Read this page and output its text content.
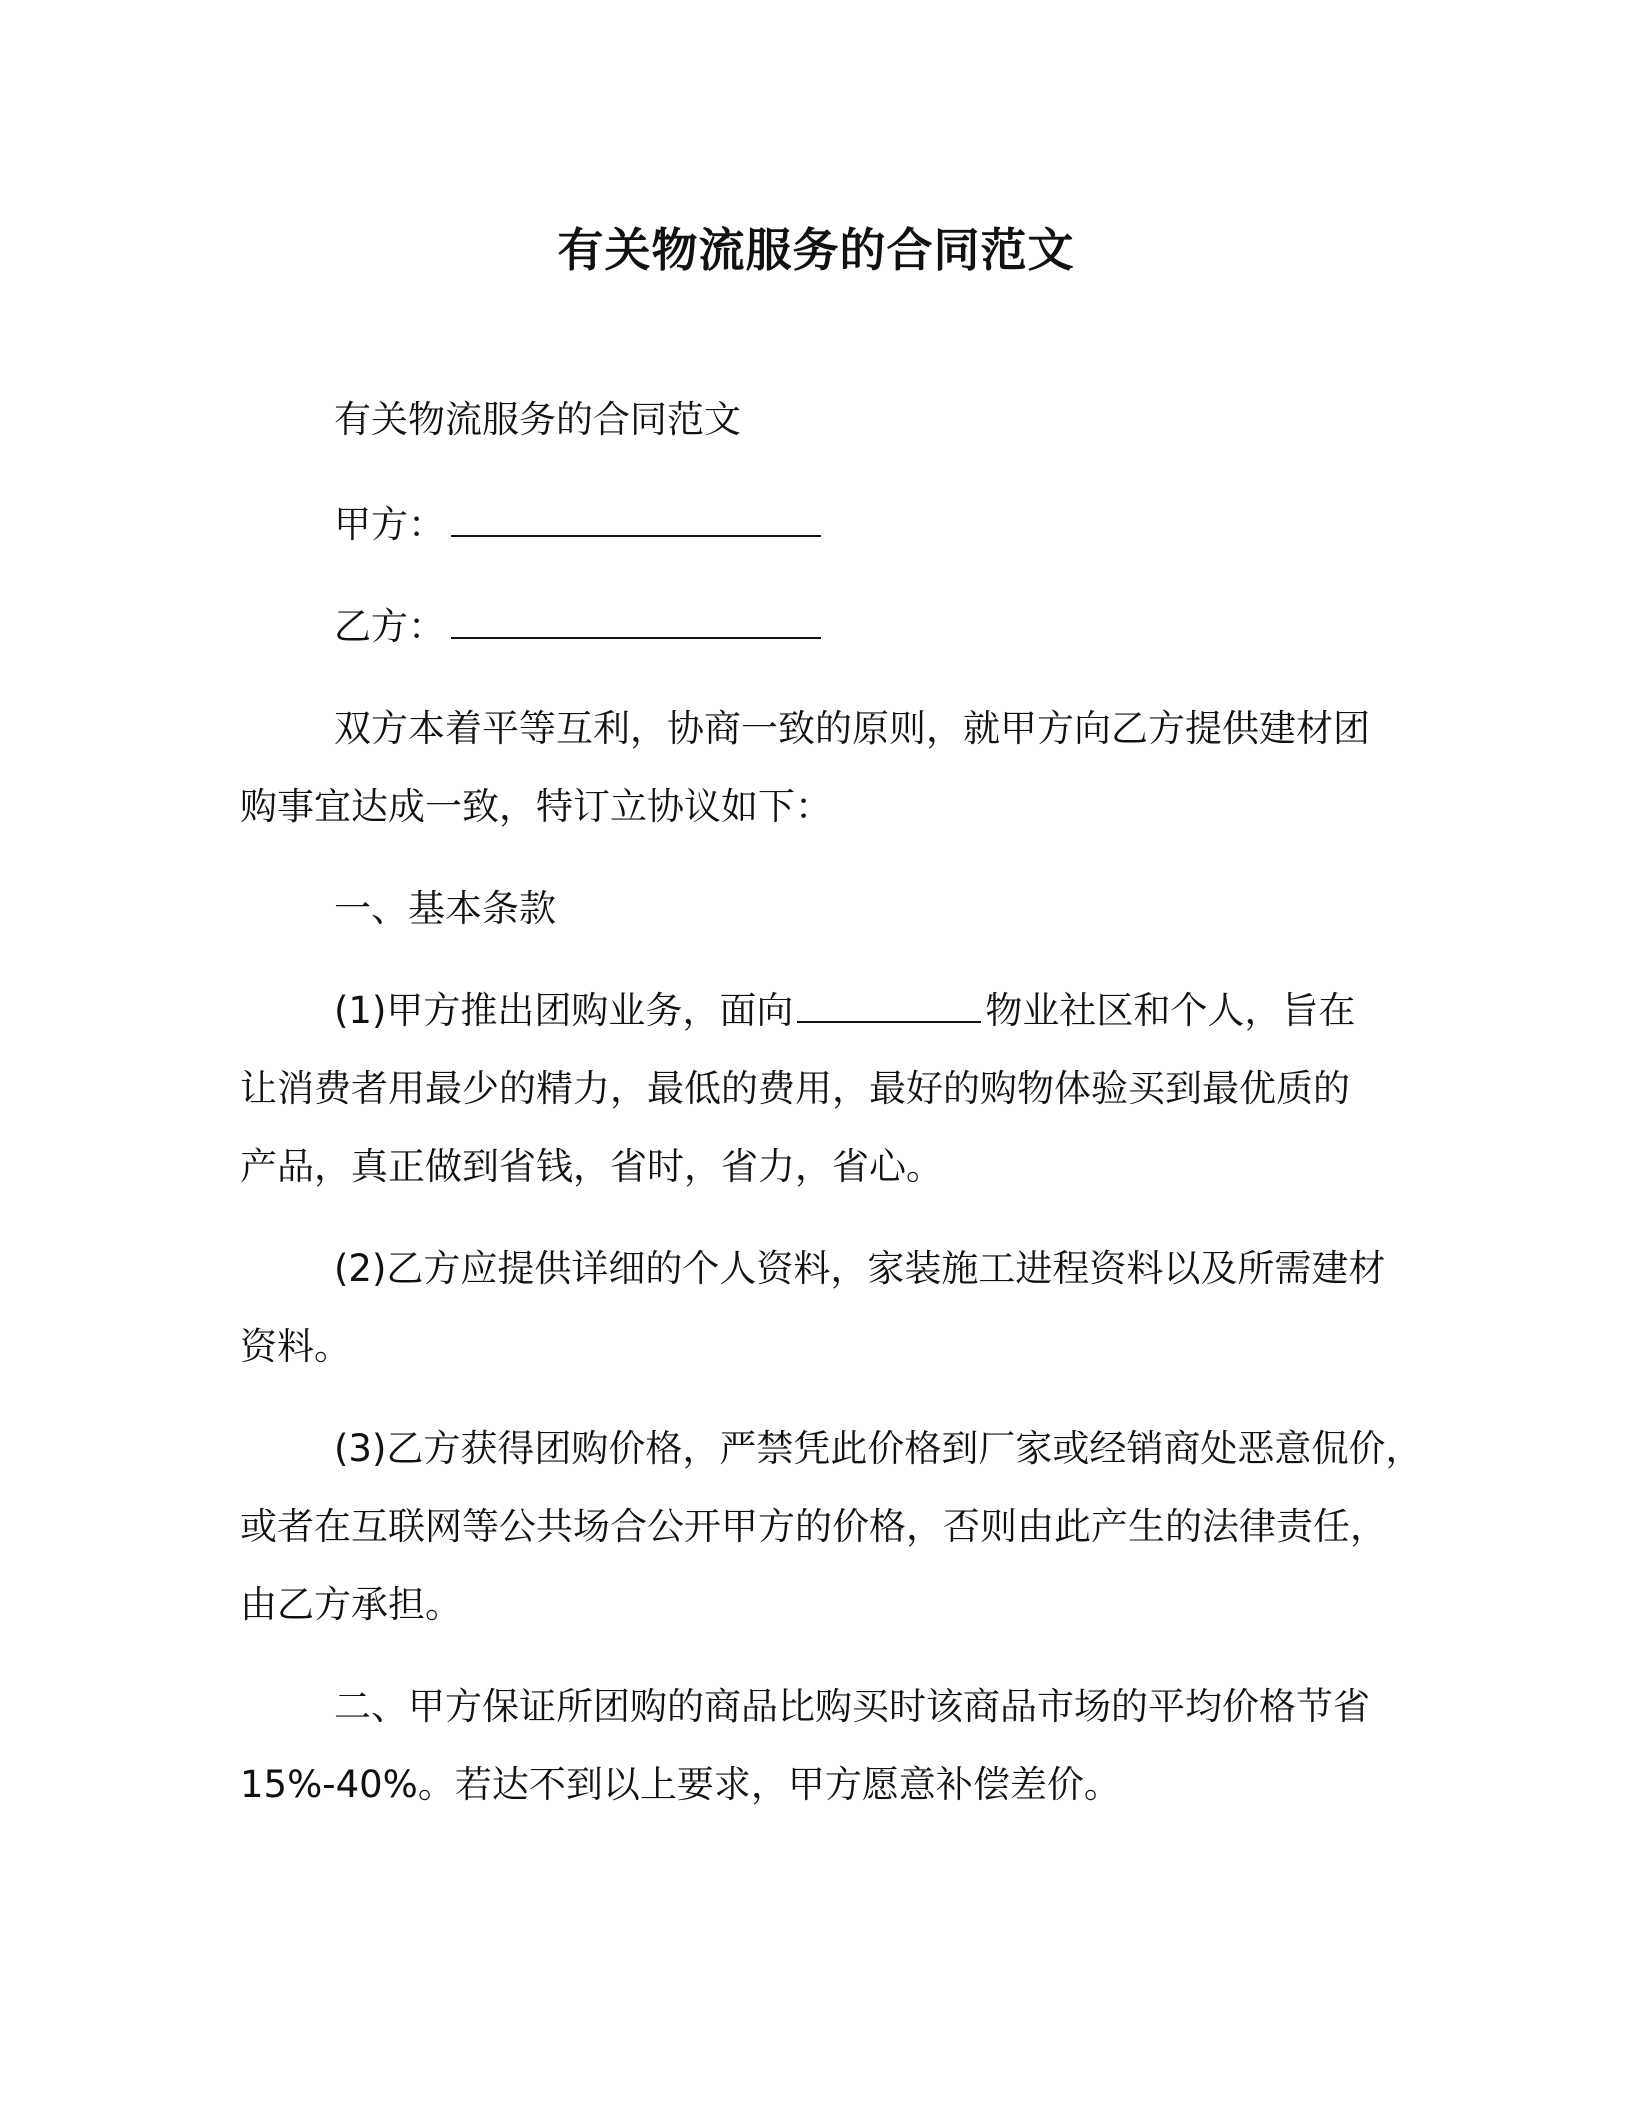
有关物流服务的合同范文

有关物流服务的合同范文

甲方：

乙方：

双方本着平等互利，协商一致的原则，就甲方向乙方提供建材团

购事宜达成一致，特订立协议如下：

一、基本条款

(1)甲方推出团购业务，面向	物业社区和个人，旨在

让消费者用最少的精力，最低的费用，最好的购物体验买到最优质的

产品，真正做到省钱，省时，省力，省心。

(2)乙方应提供详细的个人资料，家装施工进程资料以及所需建材

资料。

(3)乙方获得团购价格，严禁凭此价格到厂家或经销商处恶意侃价，

或者在互联网等公共场合公开甲方的价格，否则由此产生的法律责任，

由乙方承担。

二、甲方保证所团购的商品比购买时该商品市场的平均价格节省

15%-40%。若达不到以上要求，甲方愿意补偿差价。
